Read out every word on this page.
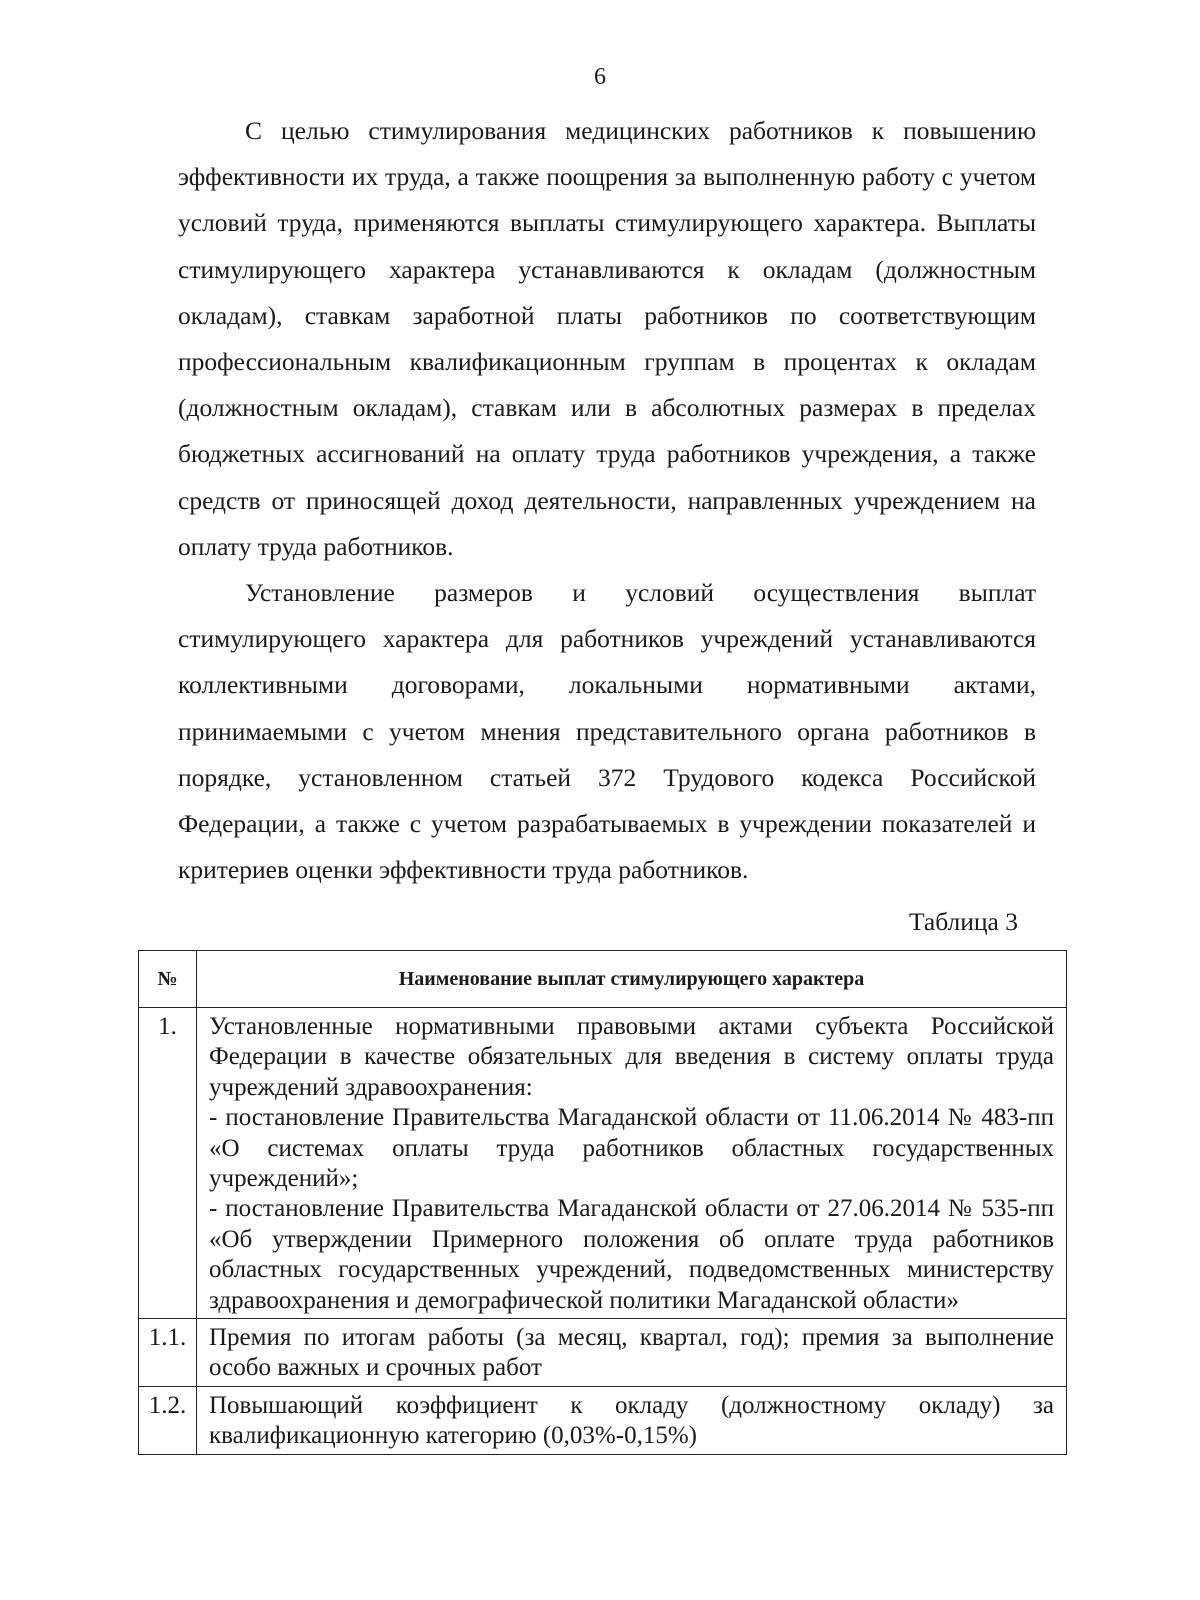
6

С целью стимулирования медицинских работников к повышению эффективности их труда, а также поощрения за выполненную работу с учетом условий труда, применяются выплаты стимулирующего характера. Выплаты стимулирующего характера устанавливаются к окладам (должностным окладам), ставкам заработной платы работников по соответствующим профессиональным квалификационным группам в процентах к окладам (должностным окладам), ставкам или в абсолютных размерах в пределах бюджетных ассигнований на оплату труда работников учреждения, а также средств от приносящей доход деятельности, направленных учреждением на оплату труда работников.

Установление размеров и условий осуществления выплат стимулирующего характера для работников учреждений устанавливаются коллективными договорами, локальными нормативными актами, принимаемыми с учетом мнения представительного органа работников в порядке, установленном статьей 372 Трудового кодекса Российской Федерации, а также с учетом разрабатываемых в учреждении показателей и критериев оценки эффективности труда работников.

Таблица 3
№	Наименование выплат стимулирующего характера
1.	Установленные нормативными правовыми актами субъекта Российской Федерации в качестве обязательных для введения в систему оплаты труда учреждений здравоохранения:
- постановление Правительства Магаданской области от 11.06.2014 № 483-пп «О системах оплаты труда работников областных государственных учреждений»;
- постановление Правительства Магаданской области от 27.06.2014 № 535-пп «Об утверждении Примерного положения об оплате труда работников областных государственных учреждений, подведомственных министерству здравоохранения и демографической политики Магаданской области»

1.1.	Премия по итогам работы (за месяц, квартал, год); премия за выполнение особо важных и срочных работ

1.2.	Повышающий коэффициент к окладу (должностному окладу) за квалификационную категорию (0,03%-0,15%)
